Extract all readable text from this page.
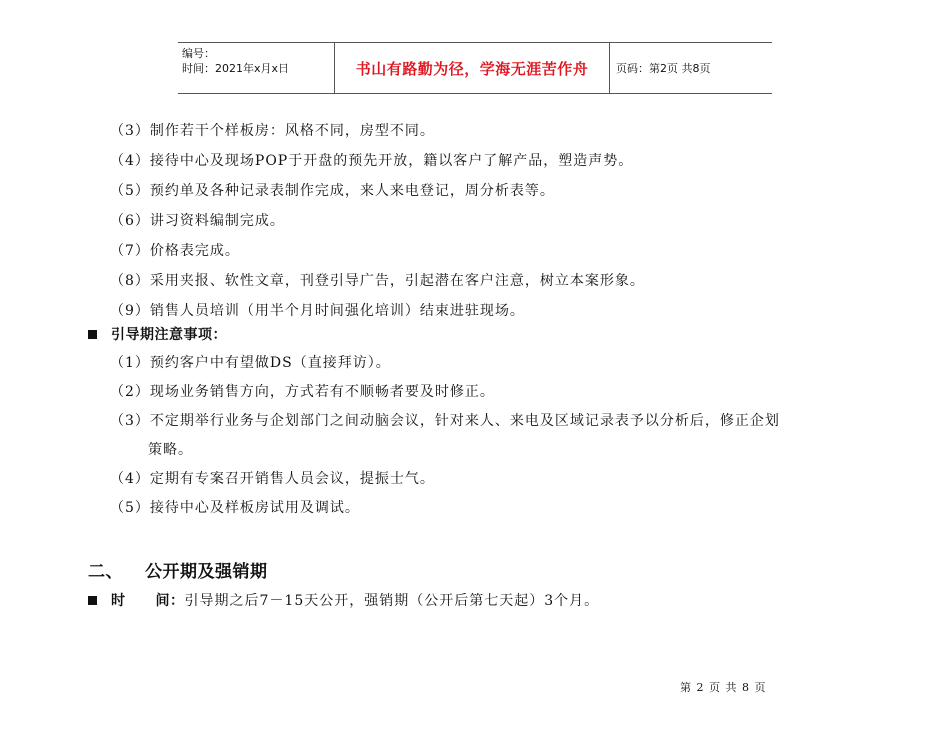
编号：
时间：2021年x月x日	书山有路勤为径，学海无涯苦作舟	页码：第2页 共8页
（3）制作若干个样板房：风格不同，房型不同。
（4）接待中心及现场POP于开盘的预先开放，籍以客户了解产品，塑造声势。
（5）预约单及各种记录表制作完成，来人来电登记，周分析表等。
（6）讲习资料编制完成。
（7）价格表完成。
（8）采用夹报、软性文章，刊登引导广告，引起潜在客户注意，树立本案形象。
（9）销售人员培训（用半个月时间强化培训）结束进驻现场。
引导期注意事项：
（1）预约客户中有望做DS（直接拜访）。
（2）现场业务销售方向，方式若有不顺畅者要及时修正。
（3）不定期举行业务与企划部门之间动脑会议，针对来人、来电及区域记录表予以分析后，修正企划
策略。
（4）定期有专案召开销售人员会议，提振士气。
（5）接待中心及样板房试用及调试。
二、 公开期及强销期
时 间： 引导期之后7－15天公开，强销期（公开后第七天起）3个月。
第 2 页 共 8 页
